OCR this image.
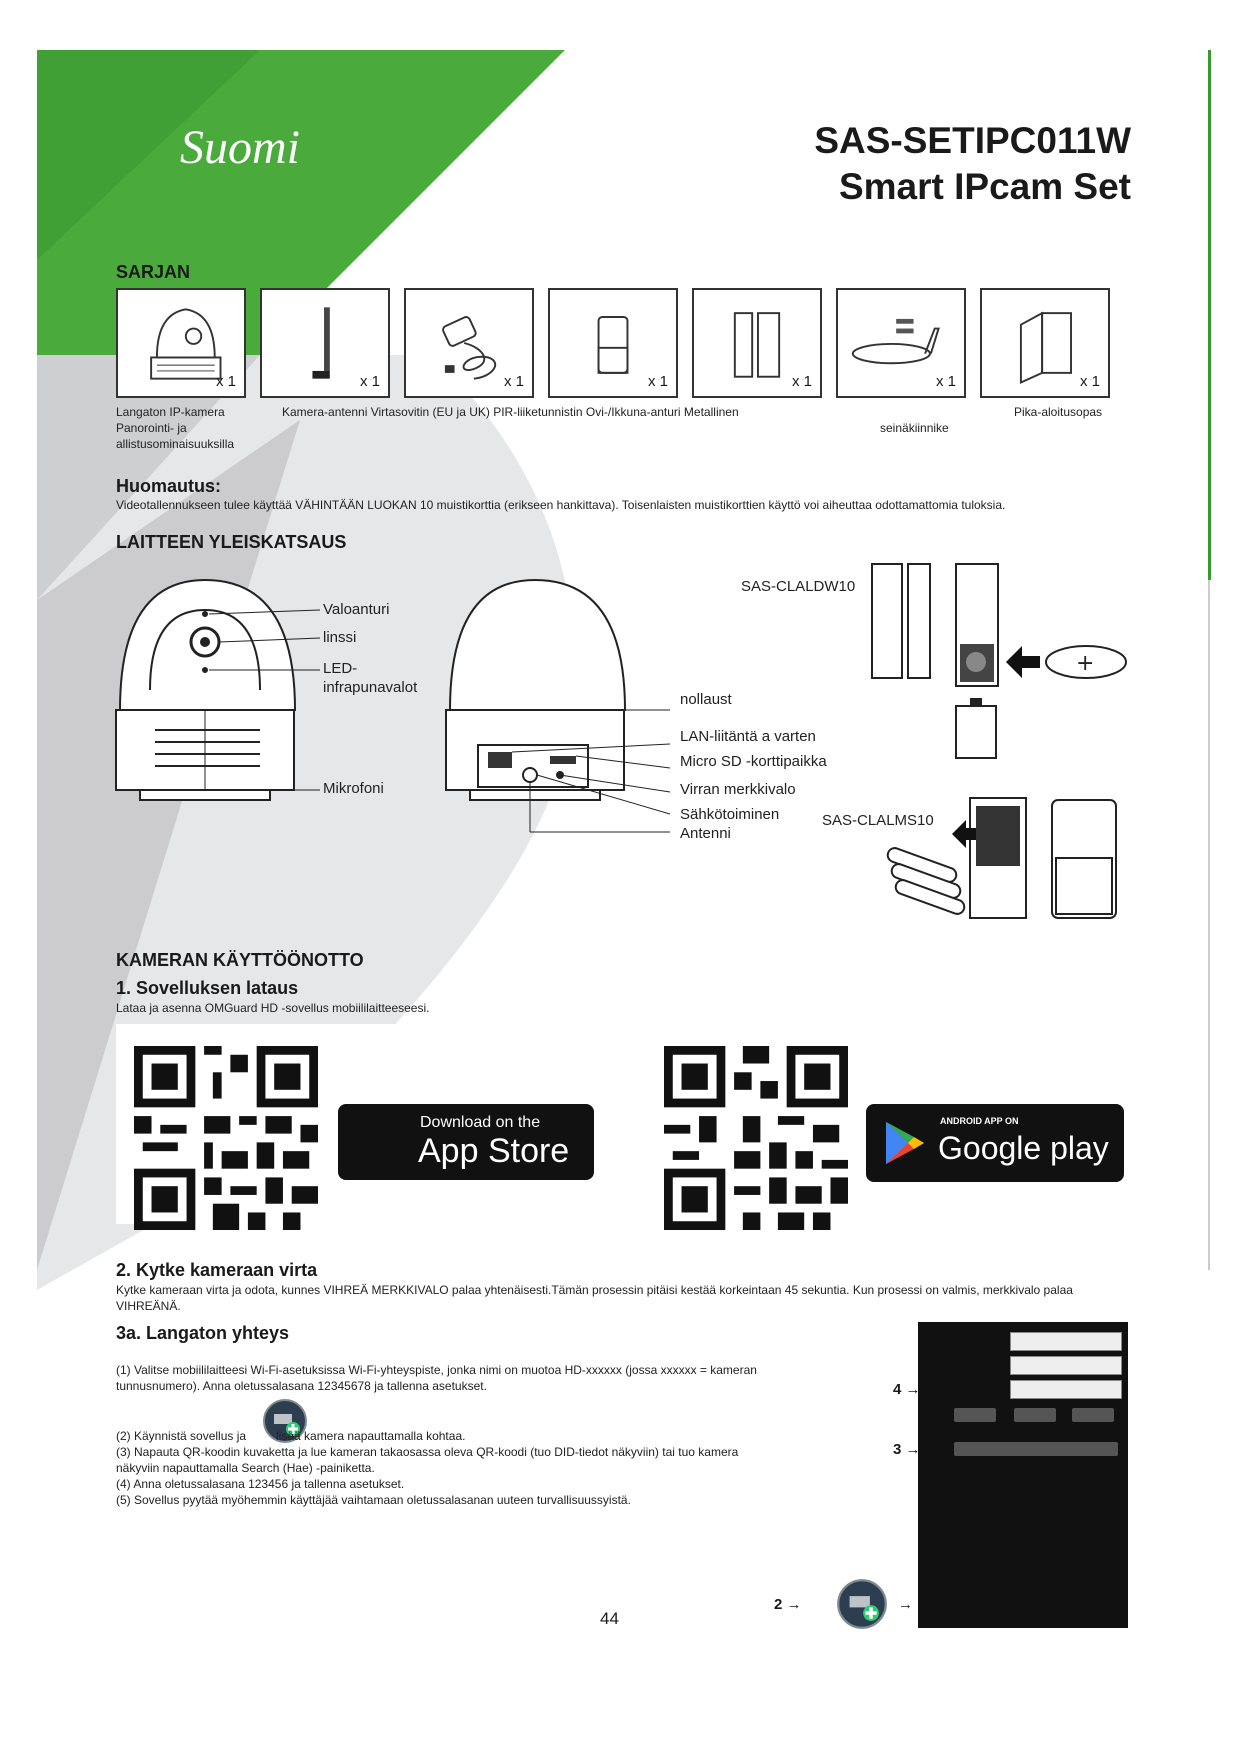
Suomi	SAS-SETIPC011W
Smart IPcam Set
SARJAN
x 1	x 1	x 1	x 1	x 1	x 1	x 1
Langaton IP-kamera Panorointi- ja allistusominaisuuksilla
Kamera-antenni Virtasovitin (EU ja UK) PIR-liiketunnistin Ovi-/Ikkuna-anturi Metallinen
seinäkiinnike
Pika-aloitusopas
Huomautus:
Videotallennukseen tulee käyttää VÄHINTÄÄN LUOKAN 10 muistikorttia (erikseen hankittava). Toisenlaisten muistikorttien käyttö voi aiheuttaa odottamattomia tuloksia.
LAITTEEN YLEISKATSAUS
Valoanturi
linssi
LED-
infrapunavalot
Mikrofoni
nollaust
LAN-liitäntä a varten
Micro SD -korttipaikka
Virran merkkivalo
Sähkötoiminen
Antenni
SAS-CLALDW10
SAS-CLALMS10
+
KAMERAN KÄYTTÖÖNOTTO
1. Sovelluksen lataus
Lataa ja asenna OMGuard HD -sovellus mobiililaitteeseesi.
Download on the
App Store
ANDROID APP ON
Google play
2. Kytke kameraan virta
Kytke kameraan virta ja odota, kunnes VIHREÄ MERKKIVALO palaa yhtenäisesti.Tämän prosessin pitäisi kestää korkeintaan 45 sekuntia. Kun prosessi on valmis, merkkivalo palaa VIHREÄNÄ.
3a. Langaton yhteys
(1) Valitse mobiililaitteesi Wi-Fi-asetuksissa Wi-Fi-yhteyspiste, jonka nimi on muotoa HD-xxxxxx (jossa xxxxxx = kameran tunnusnumero). Anna oletussalasana 12345678 ja tallenna asetukset.
(2) Käynnistä sovellus ja lisää kamera napauttamalla kohtaa.
(3) Napauta QR-koodin kuvaketta ja lue kameran takaosassa oleva QR-koodi (tuo DID-tiedot näkyviin) tai tuo kamera näkyviin napauttamalla Search (Hae) -painiketta.
(4) Anna oletussalasana 123456 ja tallenna asetukset.
(5) Sovellus pyytää myöhemmin käyttäjää vaihtamaan oletussalasanan uuteen turvallisuussyistä.
4 →
3 →
2 →	→
44
